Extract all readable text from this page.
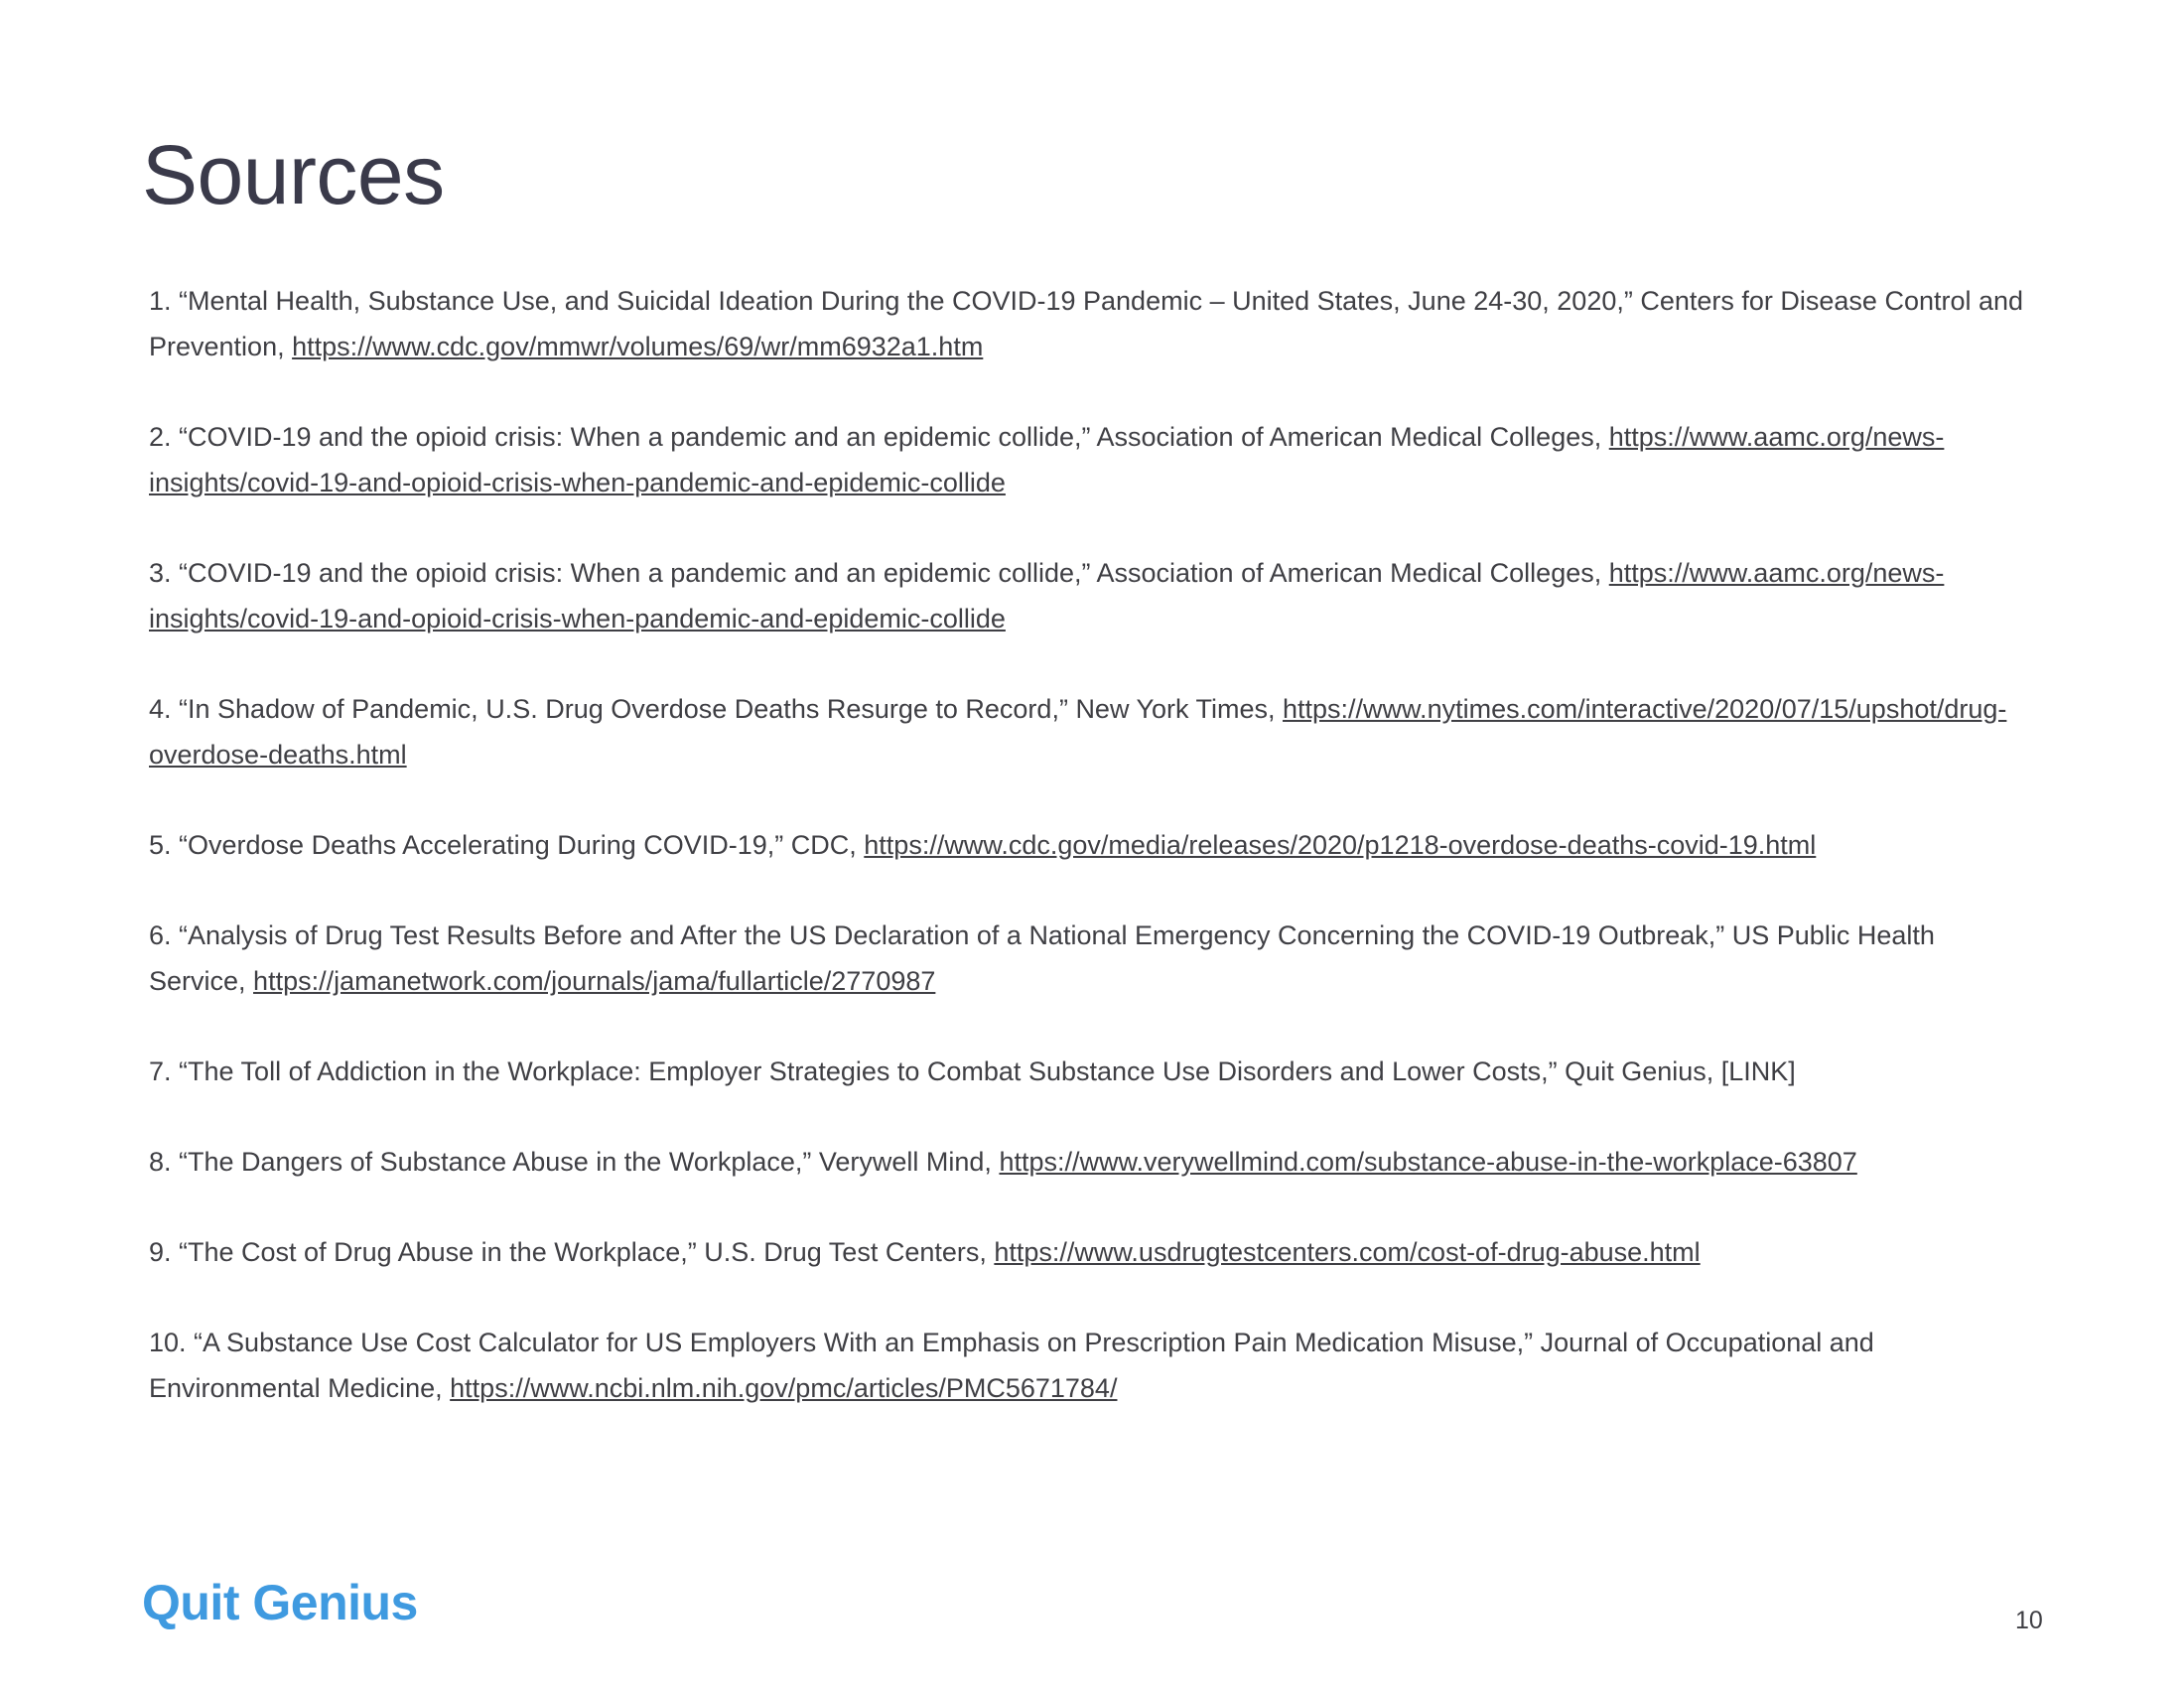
Sources
1. “Mental Health, Substance Use, and Suicidal Ideation During the COVID-19 Pandemic – United States, June 24-30, 2020,” Centers for Disease Control and Prevention, https://www.cdc.gov/mmwr/volumes/69/wr/mm6932a1.htm
2. “COVID-19 and the opioid crisis: When a pandemic and an epidemic collide,” Association of American Medical Colleges, https://www.aamc.org/news-insights/covid-19-and-opioid-crisis-when-pandemic-and-epidemic-collide
3. “COVID-19 and the opioid crisis: When a pandemic and an epidemic collide,” Association of American Medical Colleges, https://www.aamc.org/news-insights/covid-19-and-opioid-crisis-when-pandemic-and-epidemic-collide
4. “In Shadow of Pandemic, U.S. Drug Overdose Deaths Resurge to Record,” New York Times, https://www.nytimes.com/interactive/2020/07/15/upshot/drug-overdose-deaths.html
5. “Overdose Deaths Accelerating During COVID-19,” CDC, https://www.cdc.gov/media/releases/2020/p1218-overdose-deaths-covid-19.html
6. “Analysis of Drug Test Results Before and After the US Declaration of a National Emergency Concerning the COVID-19 Outbreak,” US Public Health Service, https://jamanetwork.com/journals/jama/fullarticle/2770987
7. “The Toll of Addiction in the Workplace: Employer Strategies to Combat Substance Use Disorders and Lower Costs,” Quit Genius, [LINK]
8. “The Dangers of Substance Abuse in the Workplace,” Verywell Mind, https://www.verywellmind.com/substance-abuse-in-the-workplace-63807
9. “The Cost of Drug Abuse in the Workplace,” U.S. Drug Test Centers, https://www.usdrugtestcenters.com/cost-of-drug-abuse.html
10. “A Substance Use Cost Calculator for US Employers With an Emphasis on Prescription Pain Medication Misuse,” Journal of Occupational and Environmental Medicine, https://www.ncbi.nlm.nih.gov/pmc/articles/PMC5671784/
Quit Genius	10
